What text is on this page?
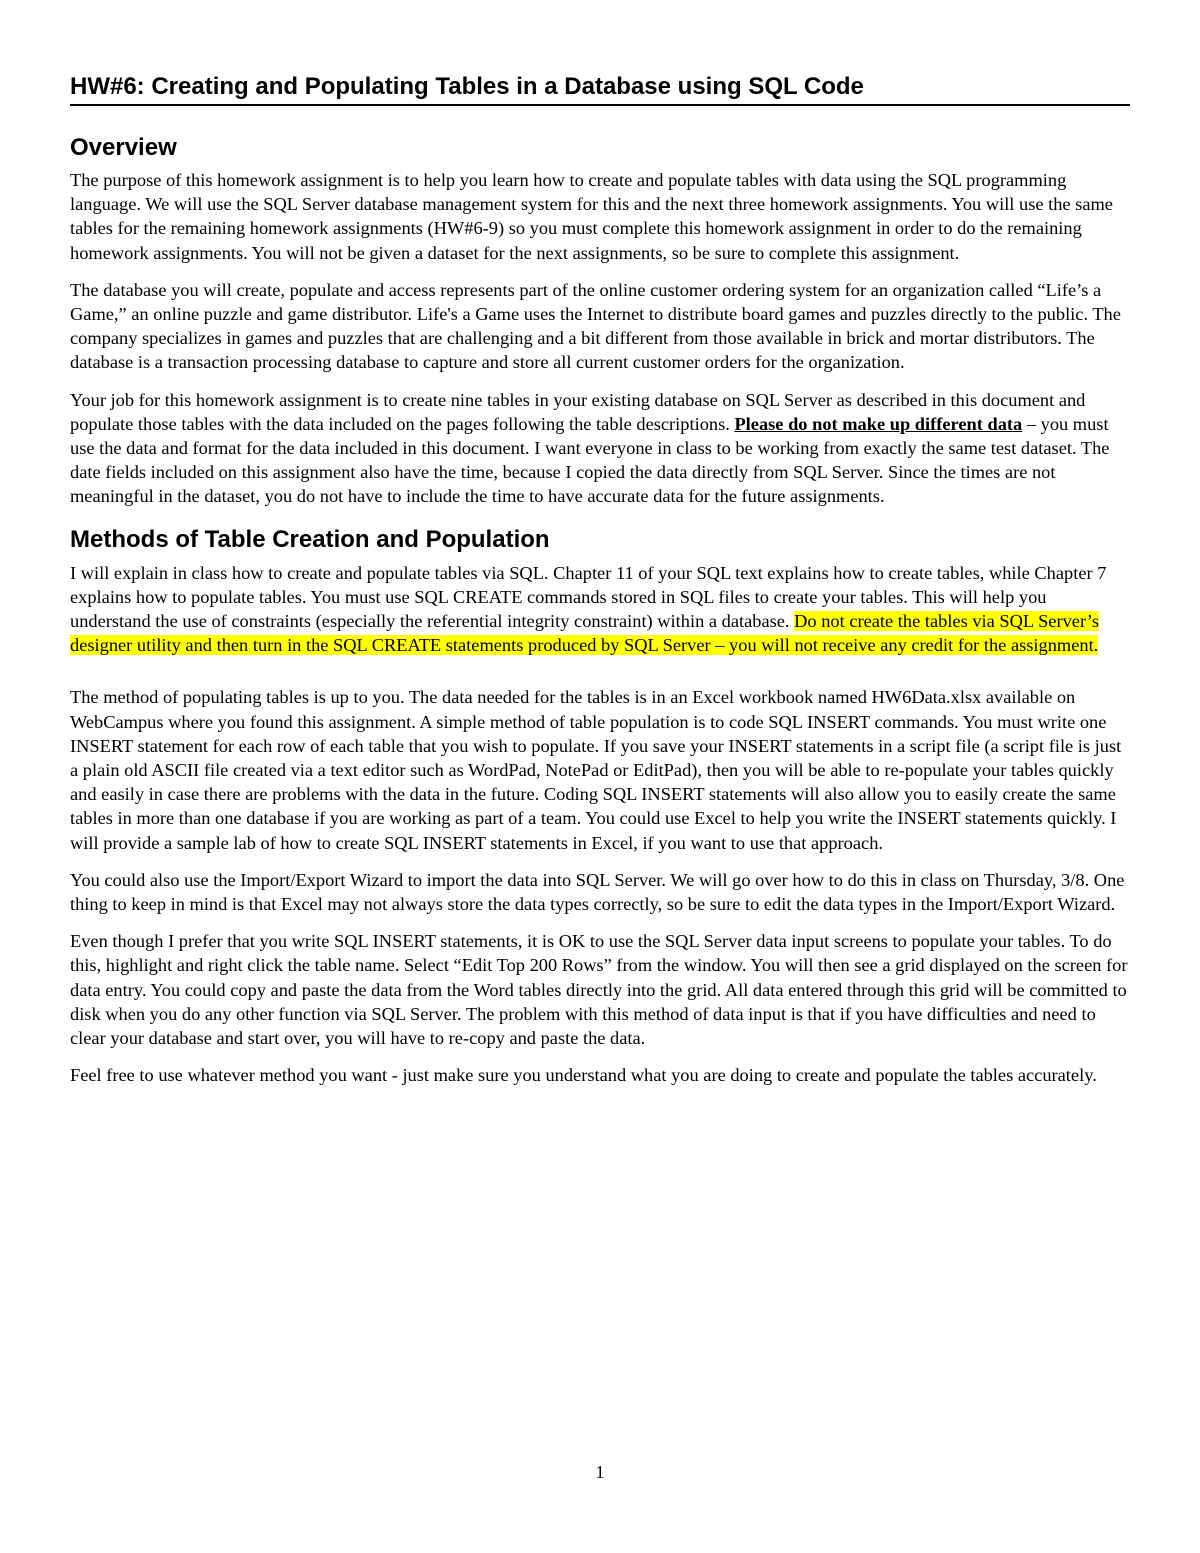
HW#6: Creating and Populating Tables in a Database using SQL Code
Overview

The purpose of this homework assignment is to help you learn how to create and populate tables with data using the SQL programming language. We will use the SQL Server database management system for this and the next three homework assignments. You will use the same tables for the remaining homework assignments (HW#6-9) so you must complete this homework assignment in order to do the remaining homework assignments. You will not be given a dataset for the next assignments, so be sure to complete this assignment.

The database you will create, populate and access represents part of the online customer ordering system for an organization called “Life’s a Game,” an online puzzle and game distributor. Life's a Game uses the Internet to distribute board games and puzzles directly to the public. The company specializes in games and puzzles that are challenging and a bit different from those available in brick and mortar distributors. The database is a transaction processing database to capture and store all current customer orders for the organization.

Your job for this homework assignment is to create nine tables in your existing database on SQL Server as described in this document and populate those tables with the data included on the pages following the table descriptions. Please do not make up different data – you must use the data and format for the data included in this document. I want everyone in class to be working from exactly the same test dataset. The date fields included on this assignment also have the time, because I copied the data directly from SQL Server. Since the times are not meaningful in the dataset, you do not have to include the time to have accurate data for the future assignments.

Methods of Table Creation and Population

I will explain in class how to create and populate tables via SQL. Chapter 11 of your SQL text explains how to create tables, while Chapter 7 explains how to populate tables. You must use SQL CREATE commands stored in SQL files to create your tables. This will help you understand the use of constraints (especially the referential integrity constraint) within a database. Do not create the tables via SQL Server’s designer utility and then turn in the SQL CREATE statements produced by SQL Server – you will not receive any credit for the assignment.

The method of populating tables is up to you. The data needed for the tables is in an Excel workbook named HW6Data.xlsx available on WebCampus where you found this assignment. A simple method of table population is to code SQL INSERT commands. You must write one INSERT statement for each row of each table that you wish to populate. If you save your INSERT statements in a script file (a script file is just a plain old ASCII file created via a text editor such as WordPad, NotePad or EditPad), then you will be able to re-populate your tables quickly and easily in case there are problems with the data in the future. Coding SQL INSERT statements will also allow you to easily create the same tables in more than one database if you are working as part of a team. You could use Excel to help you write the INSERT statements quickly. I will provide a sample lab of how to create SQL INSERT statements in Excel, if you want to use that approach.

You could also use the Import/Export Wizard to import the data into SQL Server. We will go over how to do this in class on Thursday, 3/8. One thing to keep in mind is that Excel may not always store the data types correctly, so be sure to edit the data types in the Import/Export Wizard.

Even though I prefer that you write SQL INSERT statements, it is OK to use the SQL Server data input screens to populate your tables. To do this, highlight and right click the table name. Select “Edit Top 200 Rows” from the window. You will then see a grid displayed on the screen for data entry. You could copy and paste the data from the Word tables directly into the grid. All data entered through this grid will be committed to disk when you do any other function via SQL Server. The problem with this method of data input is that if you have difficulties and need to clear your database and start over, you will have to re-copy and paste the data.

Feel free to use whatever method you want - just make sure you understand what you are doing to create and populate the tables accurately.

1
